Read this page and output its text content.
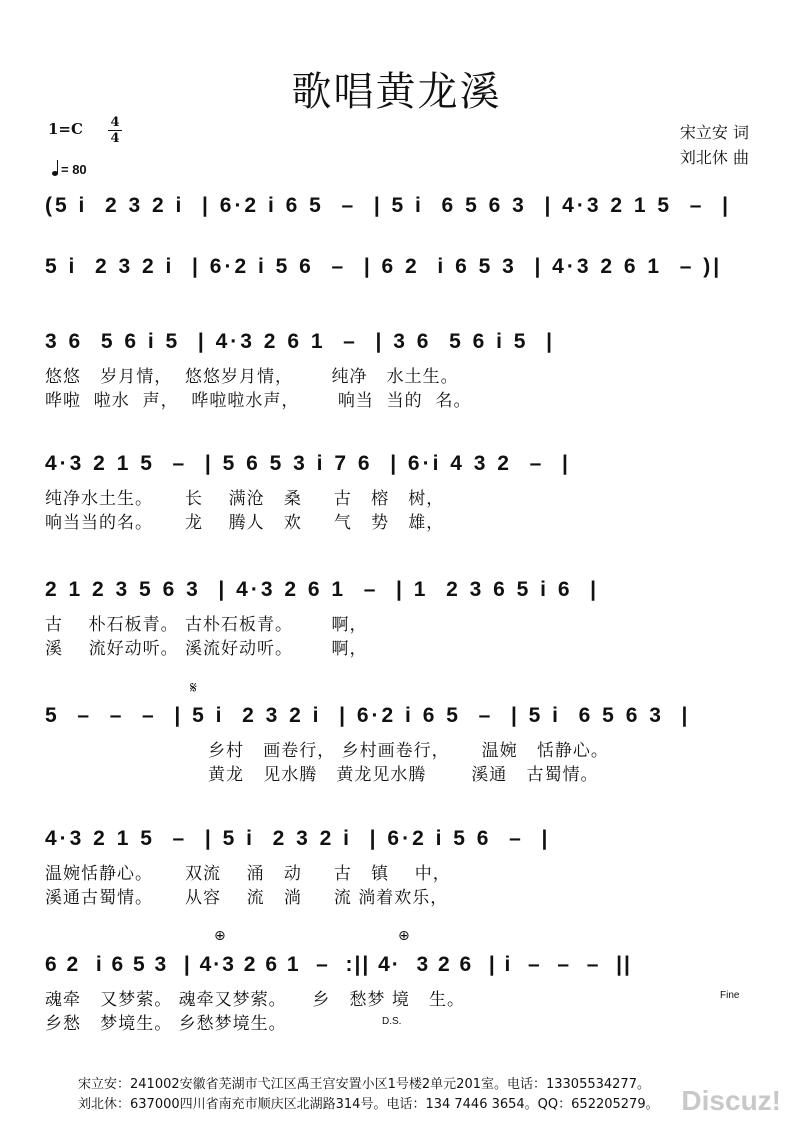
歌唱黄龙溪
1=C 4
4
= 80
宋立安 词
刘北休 曲
(5 i  2 3 2 i  | 6·2 i 6 5  –  | 5 i  6 5 6 3  | 4·3 2 1 5  –  |
5 i  2 3 2 i  | 6·2 i 5 6  –  | 6 2  i 6 5 3  | 4·3 2 6 1  – )|
3 6  5 6 i 5  | 4·3 2 6 1  –  | 3 6  5 6 i 5  |
悠悠   岁月情，  悠悠岁月情，      纯净   水土生。
哗啦  啦水  声，  哗啦啦水声，      响当  当的  名。
4·3 2 1 5  –  | 5 6 5 3 i 7 6  | 6·i 4 3 2  –  |
纯净水土生。     长    满沧   桑     古   榕   树，
响当当的名。     龙    腾人   欢     气   势   雄，
2 1 2 3 5 6 3  | 4·3 2 6 1  –  | 1  2 3 6 5 i 6  |
古    朴石板青。 古朴石板青。      啊，
溪    流好动听。 溪流好动听。      啊，
𝄋
5  –  –  –  | 5 i  2 3 2 i  | 6·2 i 6 5  –  | 5 i  6 5 6 3  |
乡村   画卷行， 乡村画卷行，     温婉   恬静心。
黄龙   见水腾   黄龙见水腾       溪通   古蜀情。
4·3 2 1 5  –  | 5 i  2 3 2 i  | 6·2 i 5 6  –  |
温婉恬静心。     双流    涌   动     古   镇    中，
溪通古蜀情。     从容    流   淌     流 淌着欢乐，
⊕	⊕
6 2  i 6 5 3  | 4·3 2 6 1  –  :|| 4·  3 2 6  | i  –  –  –  ||
魂牵   又梦萦。 魂牵又梦萦。    乡   愁梦 境   生。
乡愁   梦境生。 乡愁梦境生。	D.S.
Fine
宋立安：241002安徽省芜湖市弋江区禹王宫安置小区1号楼2单元201室。电话：13305534277。
刘北休：637000四川省南充市顺庆区北湖路314号。电话：134 7446 3654。QQ：652205279。 Discuz!
